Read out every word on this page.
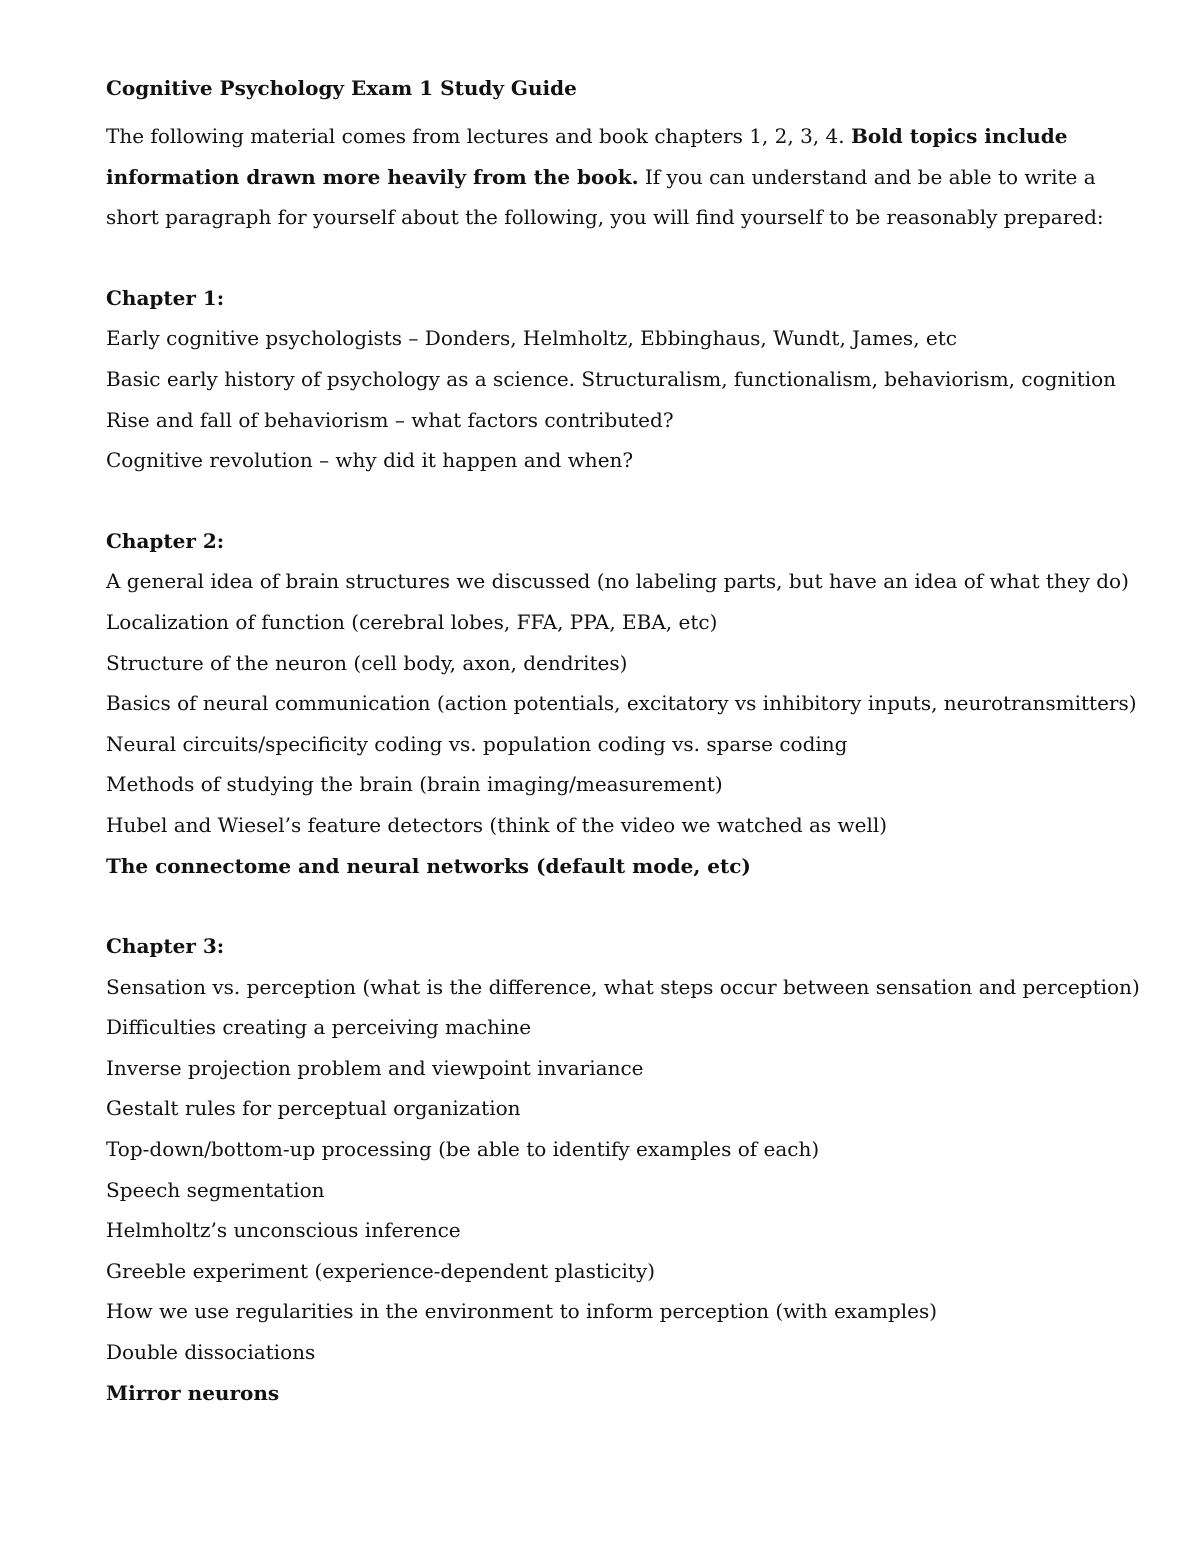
Cognitive Psychology Exam 1 Study Guide

The following material comes from lectures and book chapters 1, 2, 3, 4. Bold topics include information drawn more heavily from the book. If you can understand and be able to write a short paragraph for yourself about the following, you will find yourself to be reasonably prepared:

Chapter 1:

Early cognitive psychologists – Donders, Helmholtz, Ebbinghaus, Wundt, James, etc

Basic early history of psychology as a science. Structuralism, functionalism, behaviorism, cognition

Rise and fall of behaviorism – what factors contributed?

Cognitive revolution – why did it happen and when?

Chapter 2:

A general idea of brain structures we discussed (no labeling parts, but have an idea of what they do)

Localization of function (cerebral lobes, FFA, PPA, EBA, etc)

Structure of the neuron (cell body, axon, dendrites)

Basics of neural communication (action potentials, excitatory vs inhibitory inputs, neurotransmitters)

Neural circuits/specificity coding vs. population coding vs. sparse coding

Methods of studying the brain (brain imaging/measurement)

Hubel and Wiesel’s feature detectors (think of the video we watched as well)

The connectome and neural networks (default mode, etc)

Chapter 3:

Sensation vs. perception (what is the difference, what steps occur between sensation and perception)

Difficulties creating a perceiving machine

Inverse projection problem and viewpoint invariance

Gestalt rules for perceptual organization

Top-down/bottom-up processing (be able to identify examples of each)

Speech segmentation

Helmholtz’s unconscious inference

Greeble experiment (experience-dependent plasticity)

How we use regularities in the environment to inform perception (with examples)

Double dissociations

Mirror neurons
